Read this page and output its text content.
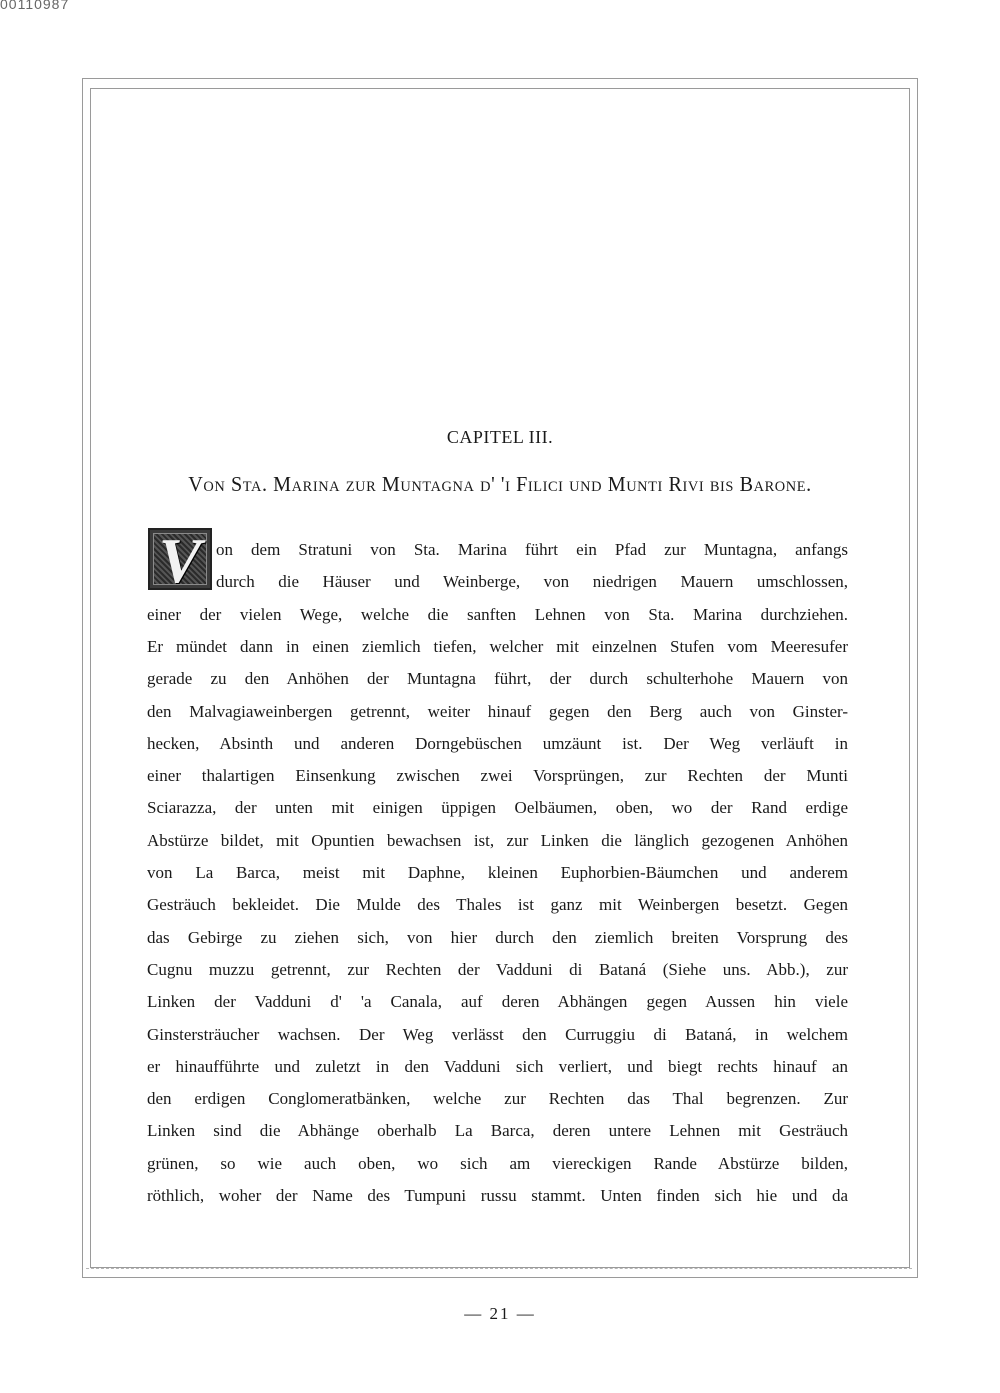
00110987
CAPITEL III.
Von Sta. Marina zur Muntagna d' 'i Filici und Munti Rivi bis Barone.
V on dem Stratuni von Sta. Marina führt ein Pfad zur Muntagna, anfangs
durch die Häuser und Weinberge, von niedrigen Mauern umschlossen,
einer der vielen Wege, welche die sanften Lehnen von Sta. Marina durchziehen.
Er mündet dann in einen ziemlich tiefen, welcher mit einzelnen Stufen vom Meeresufer
gerade zu den Anhöhen der Muntagna führt, der durch schulterhohe Mauern von
den Malvagiaweinbergen getrennt, weiter hinauf gegen den Berg auch von Ginster-
hecken, Absinth und anderen Dorngebüschen umzäunt ist. Der Weg verläuft in
einer thalartigen Einsenkung zwischen zwei Vorsprüngen, zur Rechten der Munti
Sciarazza, der unten mit einigen üppigen Oelbäumen, oben, wo der Rand erdige
Abstürze bildet, mit Opuntien bewachsen ist, zur Linken die länglich gezogenen Anhöhen
von La Barca, meist mit Daphne, kleinen Euphorbien-Bäumchen und anderem
Gesträuch bekleidet. Die Mulde des Thales ist ganz mit Weinbergen besetzt. Gegen
das Gebirge zu ziehen sich, von hier durch den ziemlich breiten Vorsprung des
Cugnu muzzu getrennt, zur Rechten der Vadduni di Bataná (Siehe uns. Abb.), zur
Linken der Vadduni d' 'a Canala, auf deren Abhängen gegen Aussen hin viele
Ginstersträucher wachsen. Der Weg verlässt den Curruggiu di Bataná, in welchem
er hinaufführte und zuletzt in den Vadduni sich verliert, und biegt rechts hinauf an
den erdigen Conglomeratbänken, welche zur Rechten das Thal begrenzen. Zur
Linken sind die Abhänge oberhalb La Barca, deren untere Lehnen mit Gesträuch
grünen, so wie auch oben, wo sich am viereckigen Rande Abstürze bilden,
röthlich, woher der Name des Tumpuni russu stammt. Unten finden sich hie und da
— 21 —
